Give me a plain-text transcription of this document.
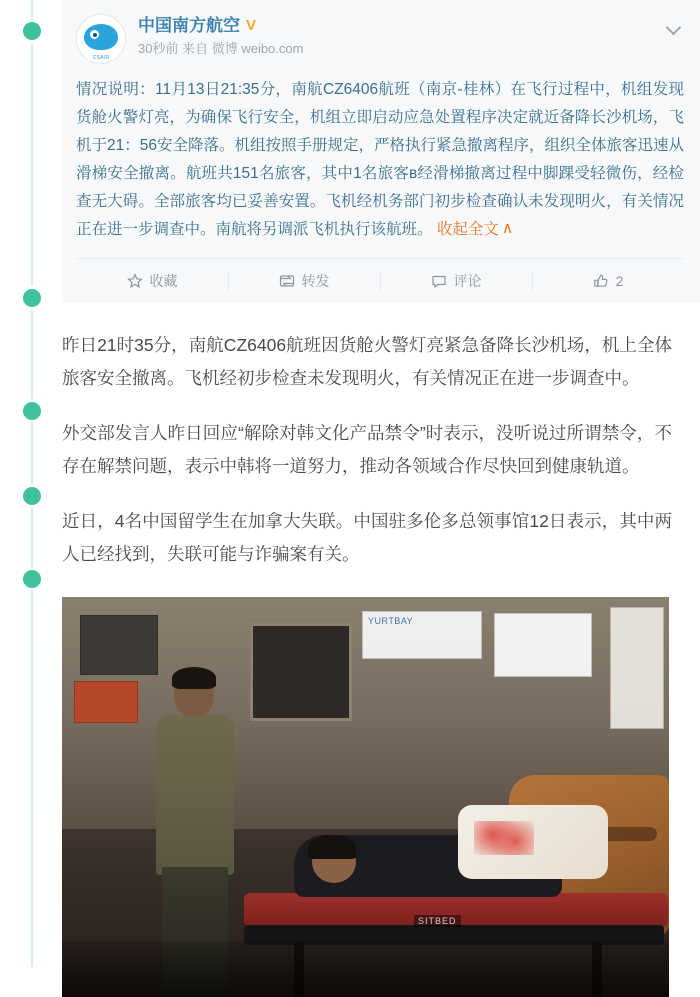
CSAIR
中国南方航空 V
30秒前 来自 微博 weibo.com
情况说明：11月13日21:35分，南航CZ6406航班（南京-桂林）在飞行过程中，机组发现货舱火警灯亮，为确保飞行安全，机组立即启动应急处置程序决定就近备降长沙机场，飞机于21：56安全降落。机组按照手册规定，严格执行紧急撤离程序，组织全体旅客迅速从滑梯安全撤离。航班共151名旅客，其中1名旅客в经滑梯撤离过程中脚踝受轻微伤，经检查无大碍。全部旅客均已妥善安置。飞机经机务部门初步检查确认未发现明火，有关情况正在进一步调查中。南航将另调派飞机执行该航班。 收起全文 ∧
收藏	转发	评论	2
昨日21时35分，南航CZ6406航班因货舱火警灯亮紧急备降长沙机场，机上全体旅客安全撤离。飞机经初步检查未发现明火，有关情况正在进一步调查中。
外交部发言人昨日回应“解除对韩文化产品禁令”时表示，没听说过所谓禁令，不存在解禁问题，表示中韩将一道努力，推动各领域合作尽快回到健康轨道。
近日，4名中国留学生在加拿大失联。中国驻多伦多总领事馆12日表示，其中两人已经找到，失联可能与诈骗案有关。
YURTBAY
SITBED
